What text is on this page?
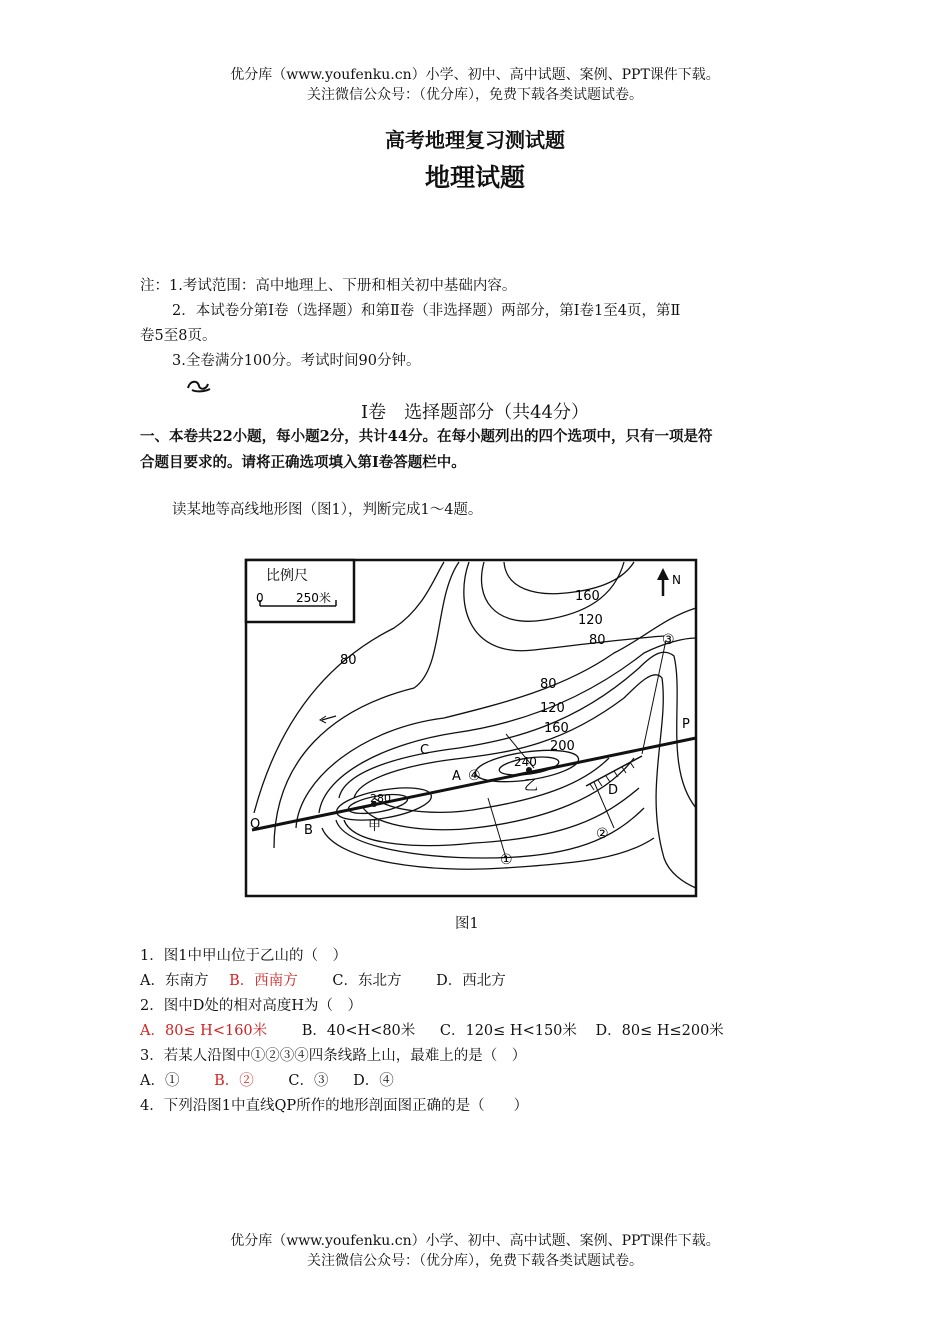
优分库（www.youfenku.cn）小学、初中、高中试题、案例、PPT课件下载。
关注微信公众号：（优分库），免费下载各类试题试卷。
高考地理复习测试题
地理试题
注：1.考试范围：高中地理上、下册和相关初中基础内容。
2．本试卷分第Ⅰ卷（选择题）和第Ⅱ卷（非选择题）两部分，第Ⅰ卷1至4页，第Ⅱ
卷5至8页。
3.全卷满分100分。考试时间90分钟。
Ⅰ卷　选择题部分（共44分）
一、本卷共22小题，每小题2分，共计44分。在每小题列出的四个选项中，只有一项是符
合题目要求的。请将正确选项填入第Ⅰ卷答题栏中。
读某地等高线地形图（图1），判断完成1～4题。
比例尺
0	250米
N
160
120
80
80
80
120
160
200
240
280
P
Q
A
B
C
D
甲
乙
①
②
③
④
图1
1．图1中甲山位于乙山的（　）
A．东南方 B．西南方 C．东北方 D．西北方
2．图中D处的相对高度H为（　）
A．80≤ H<160米 B．40<H<80米 C．120≤ H<150米 D．80≤ H≤200米
3．若某人沿图中①②③④四条线路上山，最难上的是（　）
A．① B．② C．③ D．④
4．下列沿图1中直线QP所作的地形剖面图正确的是（　　）
优分库（www.youfenku.cn）小学、初中、高中试题、案例、PPT课件下载。
关注微信公众号：（优分库），免费下载各类试题试卷。
